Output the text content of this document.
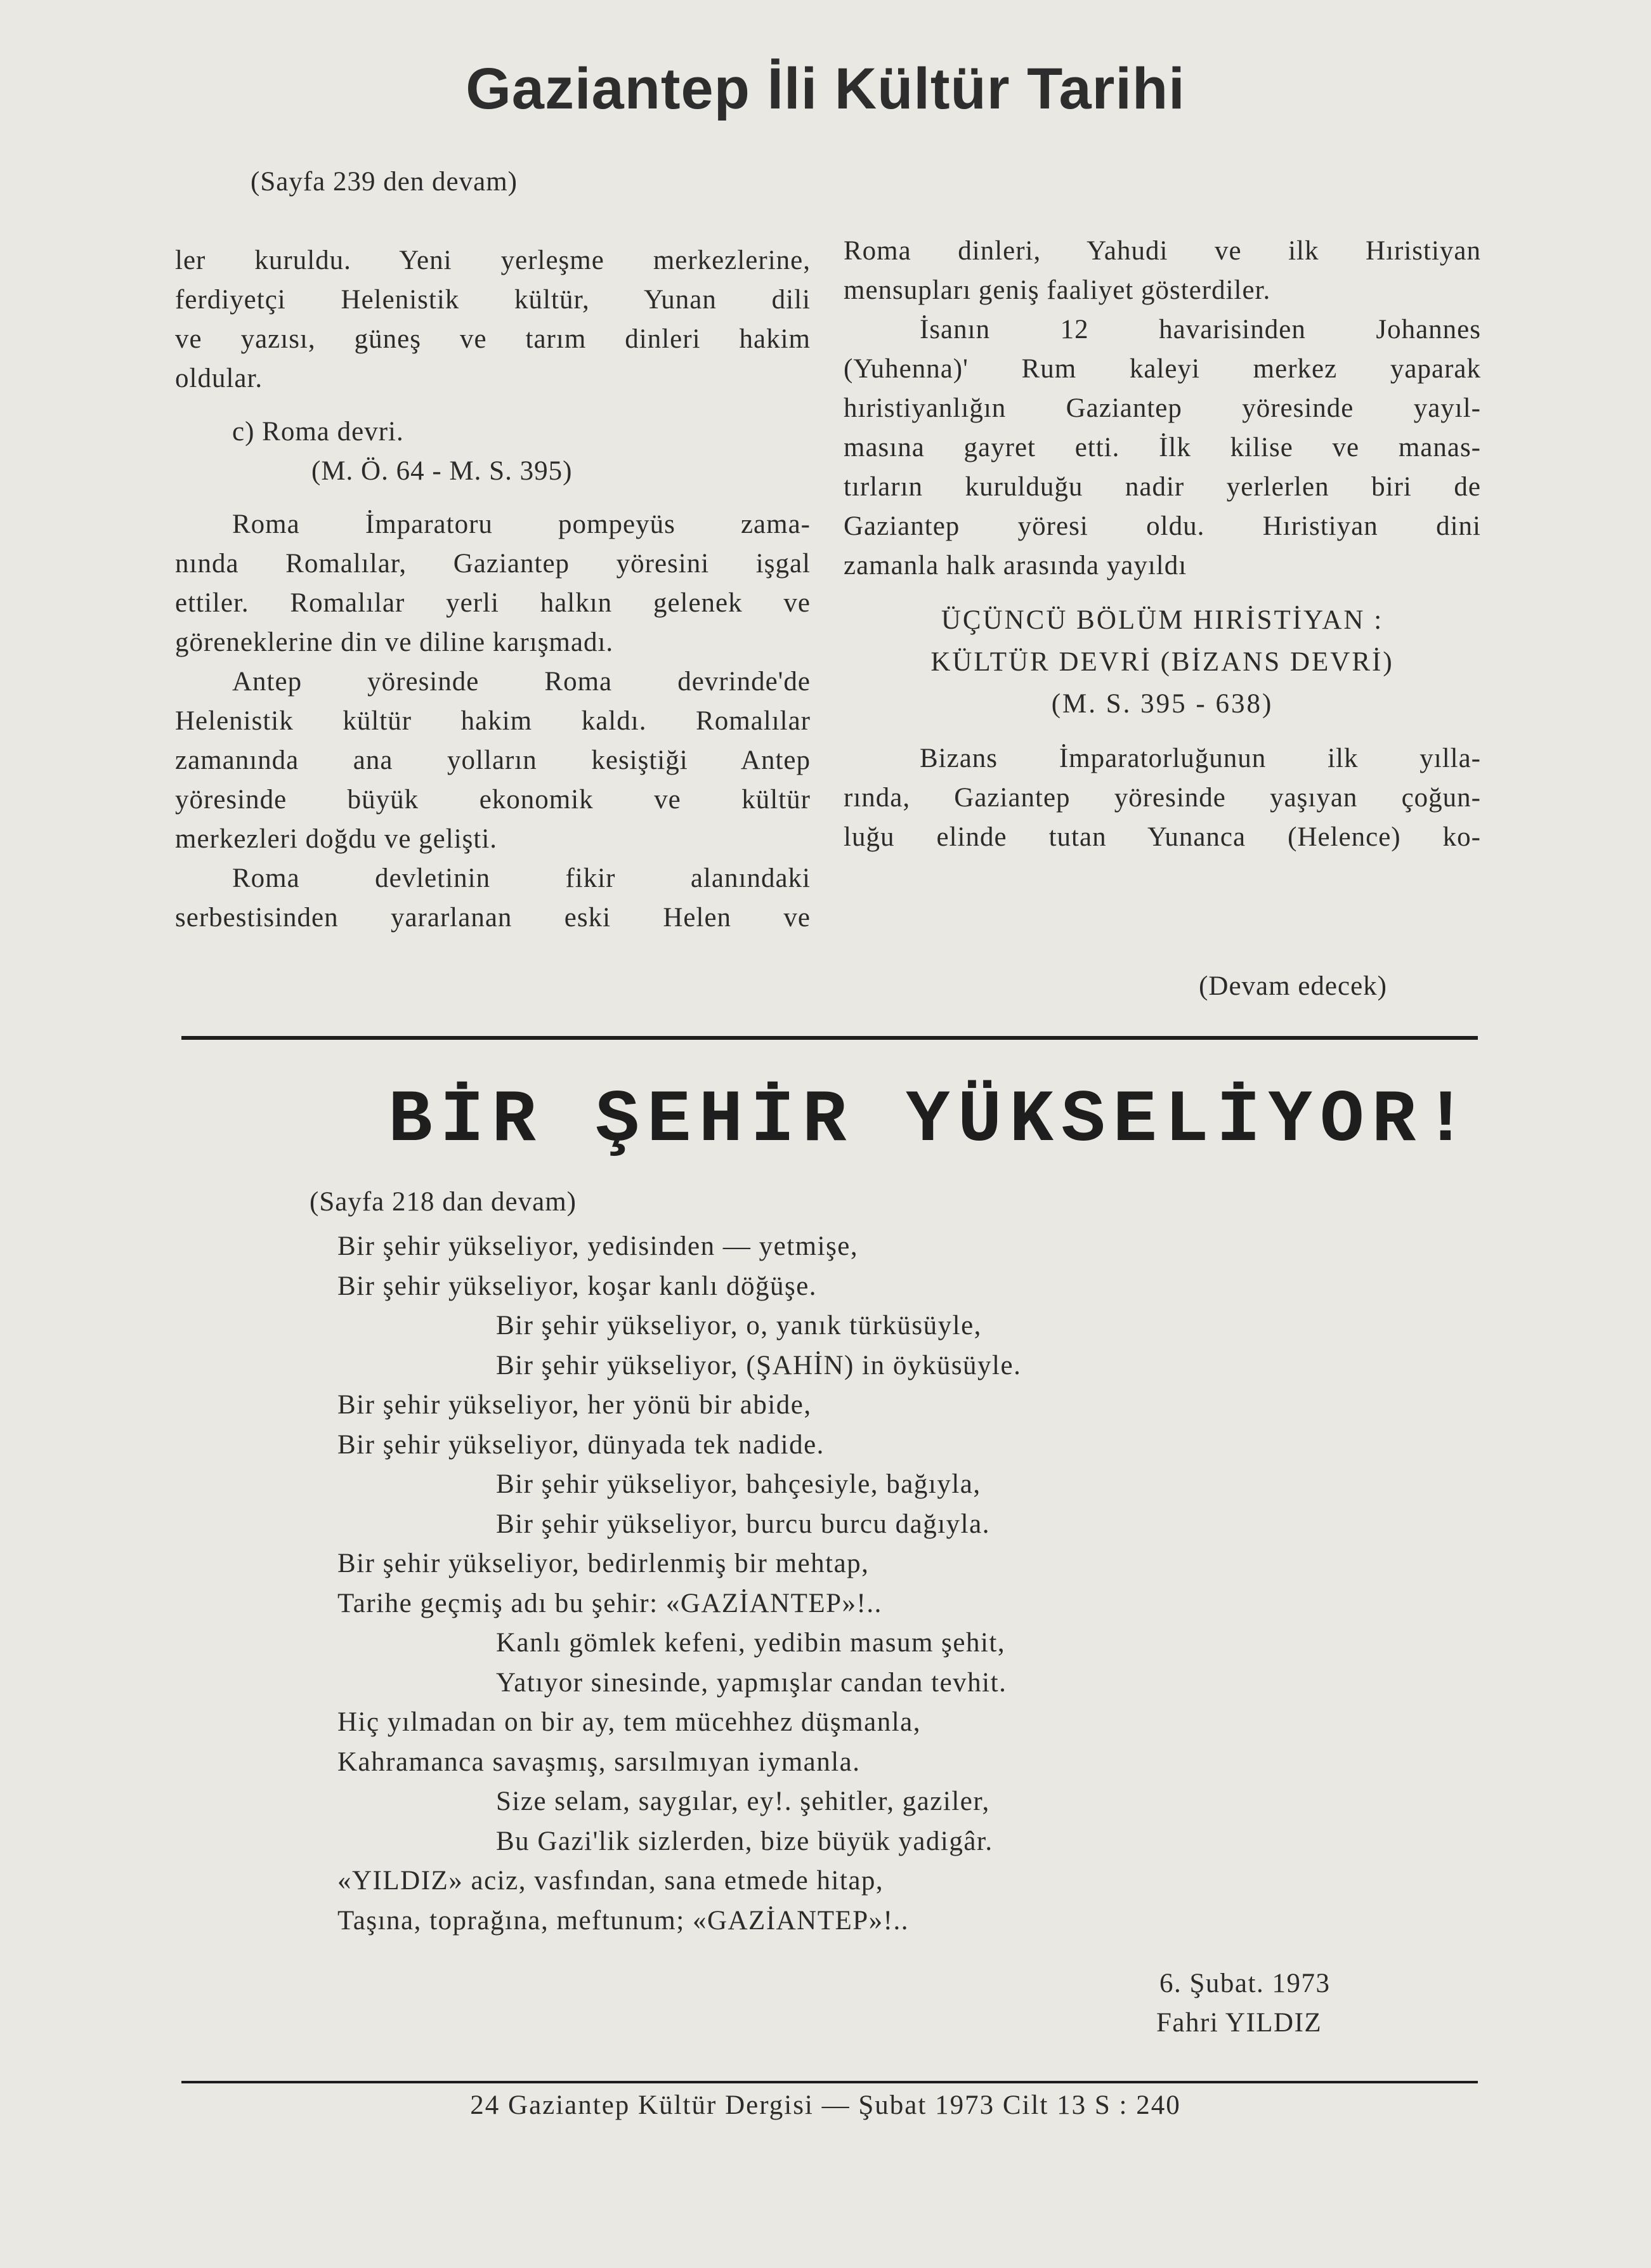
Gaziantep İli Kültür Tarihi
(Sayfa 239 den devam)
ler kuruldu. Yeni yerleşme merkezlerine,
ferdiyetçi Helenistik kültür, Yunan dili
ve yazısı, güneş ve tarım dinleri hakim
oldular.
c) Roma devri.
(M. Ö. 64 - M. S. 395)
Roma İmparatoru pompeyüs zama-
nında Romalılar, Gaziantep yöresini işgal
ettiler. Romalılar yerli halkın gelenek ve
göreneklerine din ve diline karışmadı.
Antep yöresinde Roma devrinde'de
Helenistik kültür hakim kaldı. Romalılar
zamanında ana yolların kesiştiği Antep
yöresinde büyük ekonomik ve kültür
merkezleri doğdu ve gelişti.
Roma devletinin fikir alanındaki
serbestisinden yararlanan eski Helen ve
Roma dinleri, Yahudi ve ilk Hıristiyan
mensupları geniş faaliyet gösterdiler.
İsanın 12 havarisinden Johannes
(Yuhenna)' Rum kaleyi merkez yaparak
hıristiyanlığın Gaziantep yöresinde yayıl-
masına gayret etti. İlk kilise ve manas-
tırların kurulduğu nadir yerlerlen biri de
Gaziantep yöresi oldu. Hıristiyan dini
zamanla halk arasında yayıldı
ÜÇÜNCÜ BÖLÜM HIRİSTİYAN :
KÜLTÜR DEVRİ (BİZANS DEVRİ)
(M. S. 395 - 638)
Bizans İmparatorluğunun ilk yılla-
rında, Gaziantep yöresinde yaşıyan çoğun-
luğu elinde tutan Yunanca (Helence) ko-
(Devam edecek)
BİR ŞEHİR YÜKSELİYOR!
(Sayfa 218 dan devam)
Bir şehir yükseliyor, yedisinden — yetmişe,
Bir şehir yükseliyor, koşar kanlı döğüşe.
Bir şehir yükseliyor, o, yanık türküsüyle,
Bir şehir yükseliyor, (ŞAHİN) in öyküsüyle.
Bir şehir yükseliyor, her yönü bir abide,
Bir şehir yükseliyor, dünyada tek nadide.
Bir şehir yükseliyor, bahçesiyle, bağıyla,
Bir şehir yükseliyor, burcu burcu dağıyla.
Bir şehir yükseliyor, bedirlenmiş bir mehtap,
Tarihe geçmiş adı bu şehir: «GAZİANTEP»!..
Kanlı gömlek kefeni, yedibin masum şehit,
Yatıyor sinesinde, yapmışlar candan tevhit.
Hiç yılmadan on bir ay, tem mücehhez düşmanla,
Kahramanca savaşmış, sarsılmıyan iymanla.
Size selam, saygılar, ey!. şehitler, gaziler,
Bu Gazi'lik sizlerden, bize büyük yadigâr.
«YILDIZ» aciz, vasfından, sana etmede hitap,
Taşına, toprağına, meftunum; «GAZİANTEP»!..
6. Şubat. 1973
Fahri YILDIZ
24 Gaziantep Kültür Dergisi — Şubat 1973 Cilt 13 S : 240
